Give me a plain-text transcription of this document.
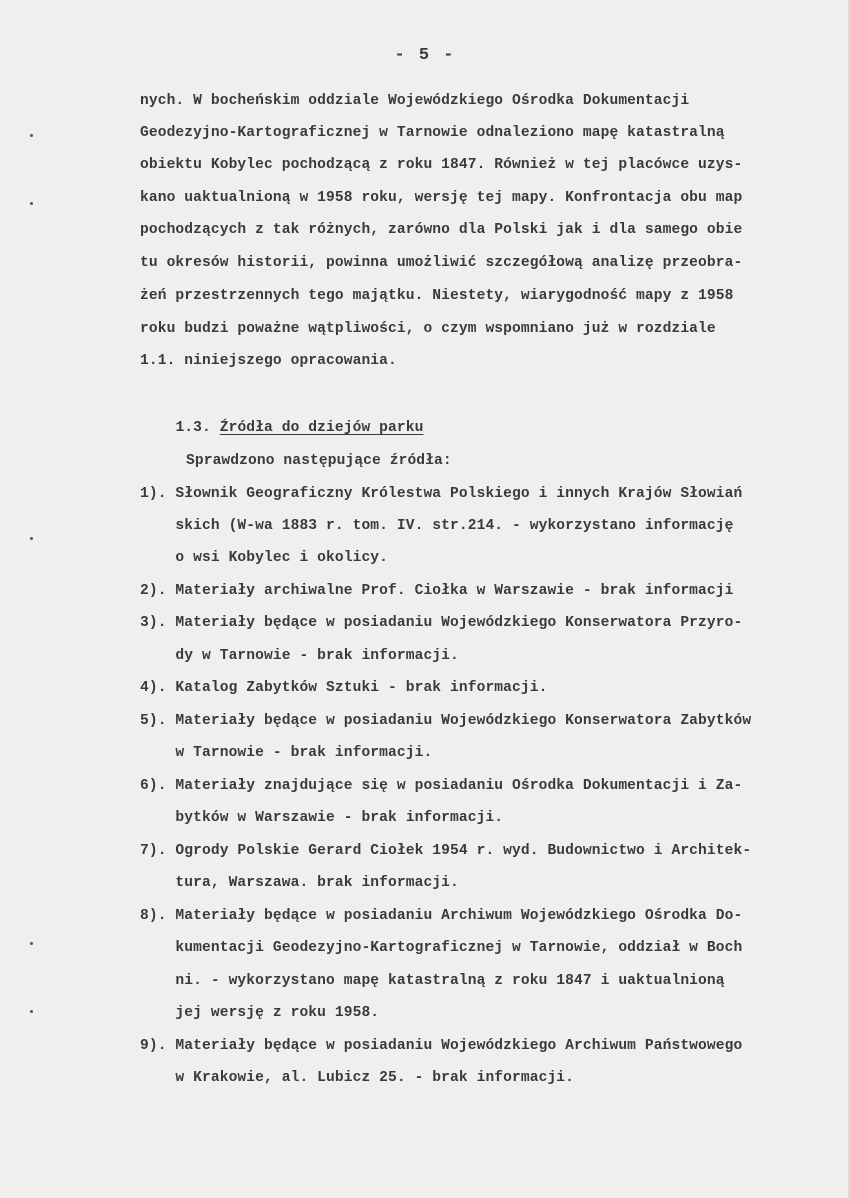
- 5 -
nych. W bocheńskim oddziale Wojewódzkiego Ośrodka Dokumentacji
Geodezyjno-Kartograficznej w Tarnowie odnaleziono mapę katastralną
obiektu Kobylec pochodzącą z roku 1847. Również w tej placówce uzys-
kano uaktualnioną w 1958 roku, wersję tej mapy. Konfrontacja obu map
pochodzących z tak różnych, zarówno dla Polski jak i dla samego obie
tu okresów historii, powinna umożliwić szczegółową analizę przeobra-
żeń przestrzennych tego majątku. Niestety, wiarygodność mapy z 1958
roku budzi poważne wątpliwości, o czym wspomniano już w rozdziale
1.1. niniejszego opracowania.

1.3. Źródła do dziejów parku

Sprawdzono następujące źródła:
1). Słownik Geograficzny Królestwa Polskiego i innych Krajów Słowiań
skich (W-wa 1883 r. tom. IV. str.214. - wykorzystano informację
o wsi Kobylec i okolicy.
2). Materiały archiwalne Prof. Ciołka w Warszawie - brak informacji
3). Materiały będące w posiadaniu Wojewódzkiego Konserwatora Przyro-
dy w Tarnowie - brak informacji.
4). Katalog Zabytków Sztuki - brak informacji.
5). Materiały będące w posiadaniu Wojewódzkiego Konserwatora Zabytków
w Tarnowie - brak informacji.
6). Materiały znajdujące się w posiadaniu Ośrodka Dokumentacji i Za-
bytków w Warszawie - brak informacji.
7). Ogrody Polskie Gerard Ciołek 1954 r. wyd. Budownictwo i Architek-
tura, Warszawa. brak informacji.
8). Materiały będące w posiadaniu Archiwum Wojewódzkiego Ośrodka Do-
kumentacji Geodezyjno-Kartograficznej w Tarnowie, oddział w Boch
ni. - wykorzystano mapę katastralną z roku 1847 i uaktualnioną
jej wersję z roku 1958.
9). Materiały będące w posiadaniu Wojewódzkiego Archiwum Państwowego
w Krakowie, al. Lubicz 25. - brak informacji.
